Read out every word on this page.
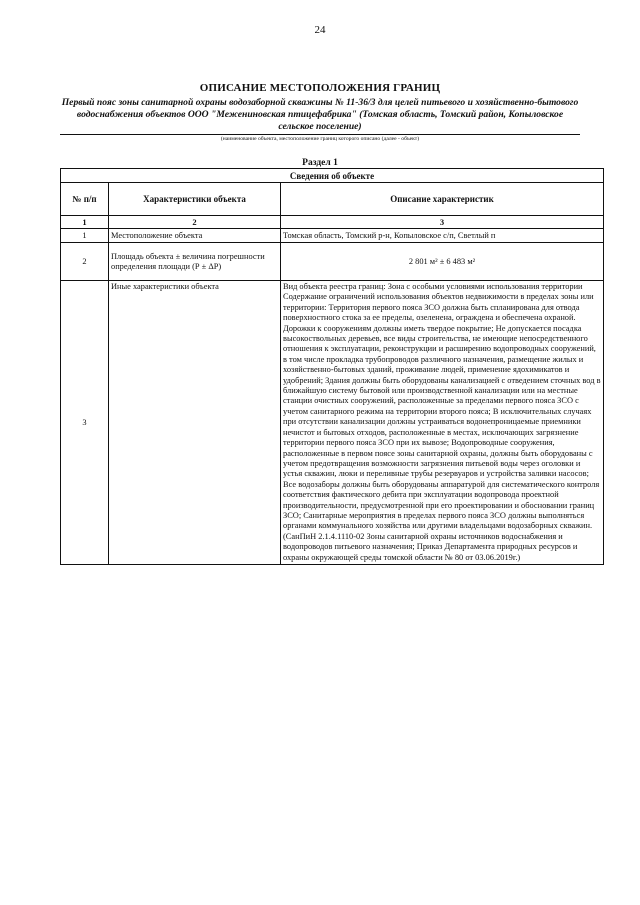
24
ОПИСАНИЕ МЕСТОПОЛОЖЕНИЯ ГРАНИЦ
Первый пояс зоны санитарной охраны водозаборной скважины № 11-36/3 для целей питьевого и хозяйственно-бытового водоснабжения объектов ООО "Межениновская птицефабрика" (Томская область, Томский район, Копыловское сельское поселение)
(наименование объекта, местоположение границ которого описано (далее - объект)
Раздел 1
Сведения об объекте		
№ п/п	Характеристики объекта	Описание характеристик
1	2	3
1	Местоположение объекта	Томская область, Томский р-н, Копыловское с/п, Светлый п
2	Площадь объекта ± величина погрешности определения площади (Р ± ΔР)	2 801 м² ± 6 483 м²
3	Иные характеристики объекта	Вид объекта реестра границ: Зона с особыми условиями использования территории
Содержание ограничений использования объектов недвижимости в пределах зоны или территории: Территория первого пояса ЗСО должна быть спланирована для отвода поверхностного стока за ее пределы, озеленена, ограждена и обеспечена охраной. Дорожки к сооружениям должны иметь твердое покрытие; Не допускается посадка высокоствольных деревьев, все виды строительства, не имеющие непосредственного отношения к эксплуатации, реконструкции и расширению водопроводных сооружений, в том числе прокладка трубопроводов различного назначения, размещение жилых и хозяйственно-бытовых зданий, проживание людей, применение ядохимикатов и удобрений; Здания должны быть оборудованы канализацией с отведением сточных вод в ближайшую систему бытовой или производственной канализации или на местные станции очистных сооружений, расположенные за пределами первого пояса ЗСО с учетом санитарного режима на территории второго пояса; В исключительных случаях при отсутствии канализации должны устраиваться водонепроницаемые приемники нечистот и бытовых отходов, расположенные в местах, исключающих загрязнение территории первого пояса ЗСО при их вывозе; Водопроводные сооружения, расположенные в первом поясе зоны санитарной охраны, должны быть оборудованы с учетом предотвращения возможности загрязнения питьевой воды через оголовки и устья скважин, люки и переливные трубы резервуаров и устройства заливки насосов; Все водозаборы должны быть оборудованы аппаратурой для систематического контроля соответствия фактического дебита при эксплуатации водопровода проектной производительности, предусмотренной при его проектировании и обосновании границ ЗСО; Санитарные мероприятия в пределах первого пояса ЗСО должны выполняться органами коммунального хозяйства или другими владельцами водозаборных скважин. (СанПиН 2.1.4.1110-02 Зоны санитарной охраны источников водоснабжения и водопроводов питьевого назначения; Приказ Департамента природных ресурсов и охраны окружающей среды томской области № 80 от 03.06.2019г.)
